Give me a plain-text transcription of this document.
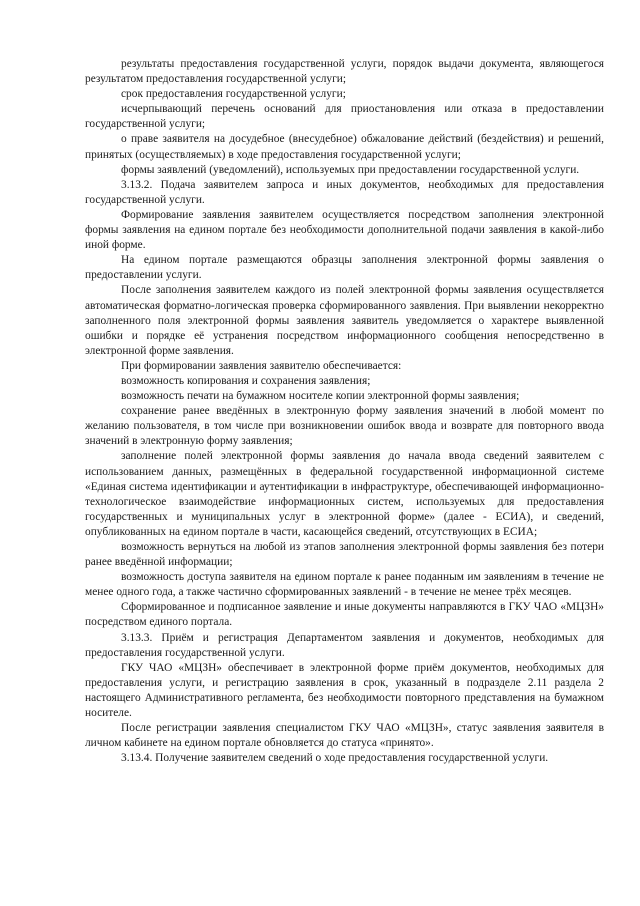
результаты предоставления государственной услуги, порядок выдачи документа, являющегося результатом предоставления государственной услуги;

срок предоставления государственной услуги;

исчерпывающий перечень оснований для приостановления или отказа в предоставлении государственной услуги;

о праве заявителя на досудебное (внесудебное) обжалование действий (бездействия) и решений, принятых (осуществляемых) в ходе предоставления государственной услуги;

формы заявлений (уведомлений), используемых при предоставлении государственной услуги.

3.13.2. Подача заявителем запроса и иных документов, необходимых для предоставления государственной услуги.

Формирование заявления заявителем осуществляется посредством заполнения электронной формы заявления на едином портале без необходимости дополнительной подачи заявления в какой-либо иной форме.

На едином портале размещаются образцы заполнения электронной формы заявления о предоставлении услуги.

После заполнения заявителем каждого из полей электронной формы заявления осуществляется автоматическая форматно-логическая проверка сформированного заявления. При выявлении некорректно заполненного поля электронной формы заявления заявитель уведомляется о характере выявленной ошибки и порядке её устранения посредством информационного сообщения непосредственно в электронной форме заявления.

При формировании заявления заявителю обеспечивается:

возможность копирования и сохранения заявления;

возможность печати на бумажном носителе копии электронной формы заявления;

сохранение ранее введённых в электронную форму заявления значений в любой момент по желанию пользователя, в том числе при возникновении ошибок ввода и возврате для повторного ввода значений в электронную форму заявления;

заполнение полей электронной формы заявления до начала ввода сведений заявителем с использованием данных, размещённых в федеральной государственной информационной системе «Единая система идентификации и аутентификации в инфраструктуре, обеспечивающей информационно-технологическое взаимодействие информационных систем, используемых для предоставления государственных и муниципальных услуг в электронной форме» (далее - ЕСИА), и сведений, опубликованных на едином портале в части, касающейся сведений, отсутствующих в ЕСИА;

возможность вернуться на любой из этапов заполнения электронной формы заявления без потери ранее введённой информации;

возможность доступа заявителя на едином портале к ранее поданным им заявлениям в течение не менее одного года, а также частично сформированных заявлений - в течение не менее трёх месяцев.

Сформированное и подписанное заявление и иные документы направляются в ГКУ ЧАО «МЦЗН» посредством единого портала.

3.13.3. Приём и регистрация Департаментом заявления и документов, необходимых для предоставления государственной услуги.

ГКУ ЧАО «МЦЗН» обеспечивает в электронной форме приём документов, необходимых для предоставления услуги, и регистрацию заявления в срок, указанный в подразделе 2.11 раздела 2 настоящего Административного регламента, без необходимости повторного представления на бумажном носителе.

После регистрации заявления специалистом ГКУ ЧАО «МЦЗН», статус заявления заявителя в личном кабинете на едином портале обновляется до статуса «принято».

3.13.4. Получение заявителем сведений о ходе предоставления государственной услуги.
